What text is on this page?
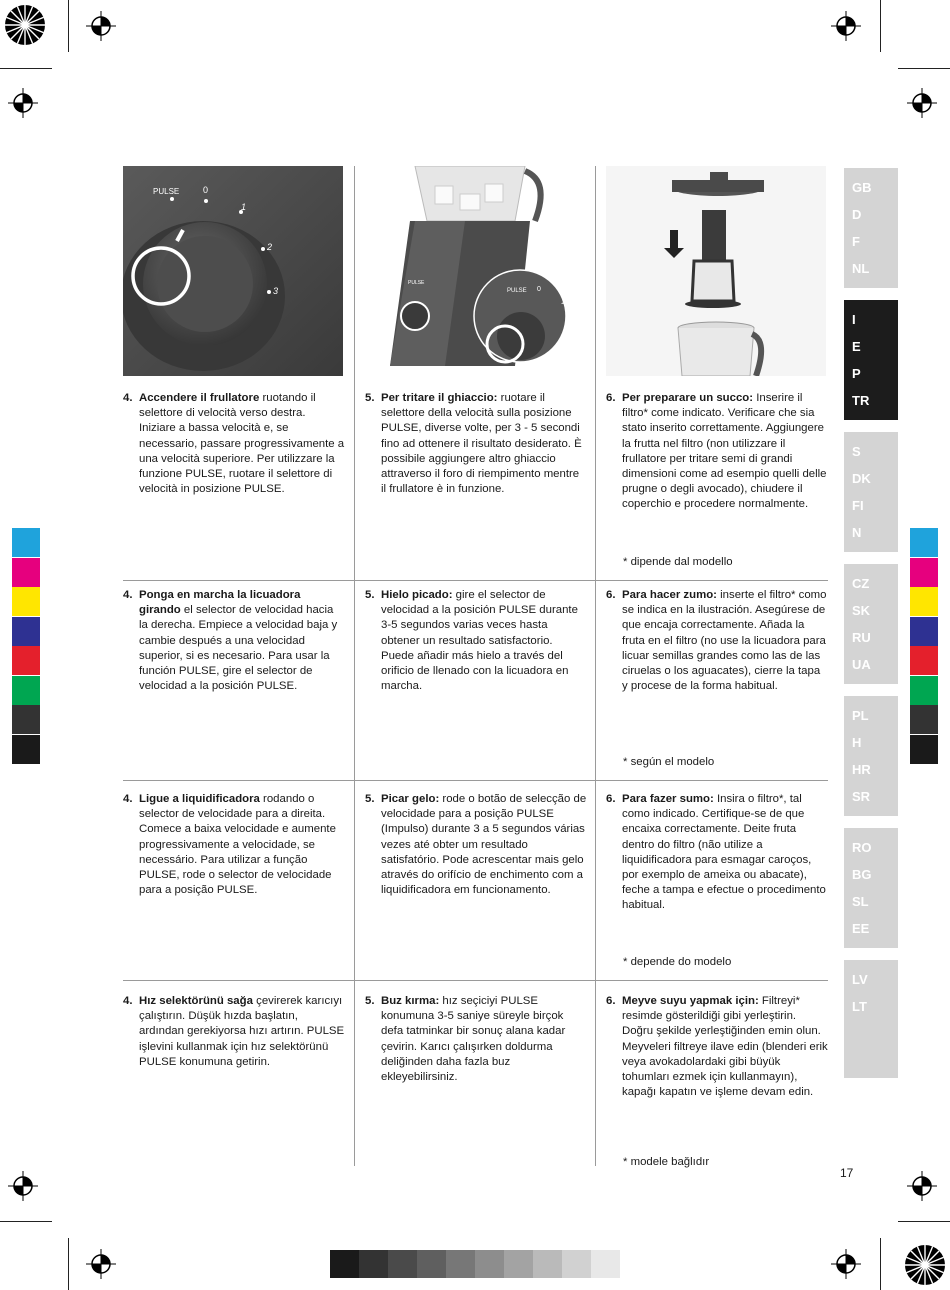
PULSE	0
1
2
3
PULSE
PULSE 0
1
2
4. Accendere il frullatore ruotando il selettore di velocità verso destra. Iniziare a bassa velocità e, se necessario, passare progressivamente a una velocità superiore. Per utilizzare la funzione PULSE, ruotare il selettore di velocità in posizione PULSE.
5. Per tritare il ghiaccio: ruotare il selettore della velocità sulla posizione PULSE, diverse volte, per 3 - 5 secondi fino ad ottenere il risultato desiderato. È possibile aggiungere altro ghiaccio attraverso il foro di riempimento mentre il frullatore è in funzione.
6. Per preparare un succo: Inserire il filtro* come indicato. Verificare che sia stato inserito correttamente. Aggiungere la frutta nel filtro (non utilizzare il frullatore per tritare semi di grandi dimensioni come ad esempio quelli delle prugne o degli avocado), chiudere il coperchio e procedere normalmente.
* dipende dal modello
4. Ponga en marcha la licuadora girando el selector de velocidad hacia la derecha. Empiece a velocidad baja y cambie después a una velocidad superior, si es necesario. Para usar la función PULSE, gire el selector de velocidad a la posición PULSE.
5. Hielo picado: gire el selector de velocidad a la posición PULSE durante 3-5 segundos varias veces hasta obtener un resultado satisfactorio. Puede añadir más hielo a través del orificio de llenado con la licuadora en marcha.
6. Para hacer zumo: inserte el filtro* como se indica en la ilustración. Asegúrese de que encaja correctamente. Añada la fruta en el filtro (no use la licuadora para licuar semillas grandes como las de las ciruelas o los aguacates), cierre la tapa y procese de la forma habitual.
* según el modelo
4. Ligue a liquidificadora rodando o selector de velocidade para a direita. Comece a baixa velocidade e aumente progressivamente a velocidade, se necessário. Para utilizar a função PULSE, rode o selector de velocidade para a posição PULSE.
5. Picar gelo: rode o botão de selecção de velocidade para a posição PULSE (Impulso) durante 3 a 5 segundos várias vezes até obter um resultado satisfatório. Pode acrescentar mais gelo através do orifício de enchimento com a liquidificadora em funcionamento.
6. Para fazer sumo: Insira o filtro*, tal como indicado. Certifique-se de que encaixa correctamente. Deite fruta dentro do filtro (não utilize a liquidificadora para esmagar caroços, por exemplo de ameixa ou abacate), feche a tampa e efectue o procedimento habitual.
* depende do modelo
4. Hız selektörünü sağa çevirerek karıcıyı çalıştırın. Düşük hızda başlatın, ardından gerekiyorsa hızı artırın. PULSE işlevini kullanmak için hız selektörünü PULSE konumuna getirin.
5. Buz kırma: hız seçiciyi PULSE konumuna 3-5 saniye süreyle birçok defa tatminkar bir sonuç alana kadar çevirin. Karıcı çalışırken doldurma deliğinden daha fazla buz ekleyebilirsiniz.
6. Meyve suyu yapmak için: Filtreyi* resimde gösterildiği gibi yerleştirin. Doğru şekilde yerleştiğinden emin olun. Meyveleri filtreye ilave edin (blenderi erik veya avokadolardaki gibi büyük tohumları ezmek için kullanmayın), kapağı kapatın ve işleme devam edin.
* modele bağlıdır
GB
D
F
NL
I
E
P
TR
S
DK
FI
N
CZ
SK
RU
UA
PL
H
HR
SR
RO
BG
SL
EE
LV
LT
17
